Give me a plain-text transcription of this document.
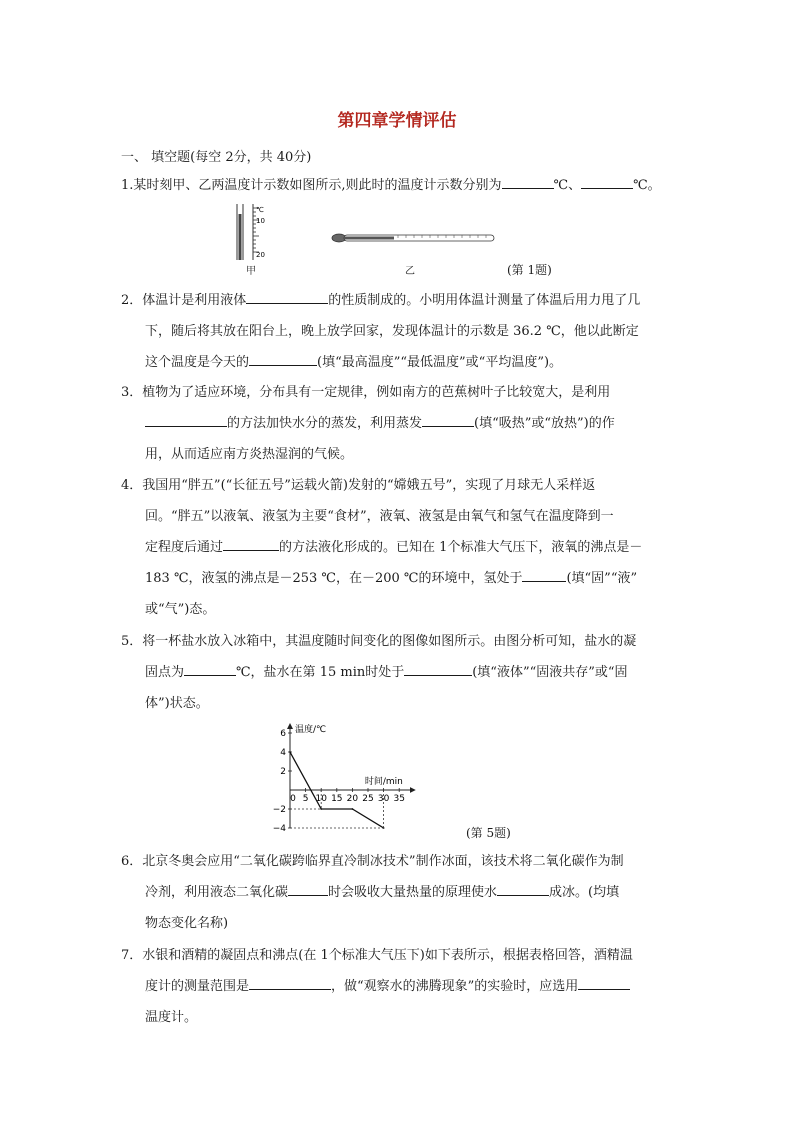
第四章学情评估
一、 填空题(每空 2分，共 40分)
1.某时刻甲、乙两温度计示数如图所示,则此时的温度计示数分别为	℃、	℃。
℃
10
20
甲	乙	(第 1题)
2．体温计是利用液体	的性质制成的。小明用体温计测量了体温后用力甩了几
下，随后将其放在阳台上，晚上放学回家，发现体温计的示数是 36.2 ℃，他以此断定
这个温度是今天的	(填“最高温度”“最低温度”或“平均温度”)。
3．植物为了适应环境，分布具有一定规律，例如南方的芭蕉树叶子比较宽大，是利用
的方法加快水分的蒸发，利用蒸发	(填“吸热”或“放热”)的作
用，从而适应南方炎热湿润的气候。
4．我国用“胖五”(“长征五号”运载火箭)发射的“嫦娥五号”，实现了月球无人采样返
回。“胖五”以液氧、液氢为主要“食材”，液氧、液氢是由氧气和氢气在温度降到一
定程度后通过	的方法液化形成的。已知在 1个标准大气压下，液氧的沸点是－
183 ℃，液氢的沸点是－253 ℃，在－200 ℃的环境中，氢处于	(填“固”“液”
或“气”)态。
5．将一杯盐水放入冰箱中，其温度随时间变化的图像如图所示。由图分析可知，盐水的凝
固点为	℃，盐水在第 15 min时处于	(填“液体”“固液共存”或“固
体”)状态。
温度/℃
时间/min
6
4
2
−2
−4
0 5 10 15 20 25 30 35
(第 5题)
6．北京冬奥会应用“二氧化碳跨临界直冷制冰技术”制作冰面，该技术将二氧化碳作为制
冷剂，利用液态二氧化碳	时会吸收大量热量的原理使水	成冰。(均填
物态变化名称)
7．水银和酒精的凝固点和沸点(在 1个标准大气压下)如下表所示，根据表格回答，酒精温
度计的测量范围是	，做“观察水的沸腾现象”的实验时，应选用
温度计。
